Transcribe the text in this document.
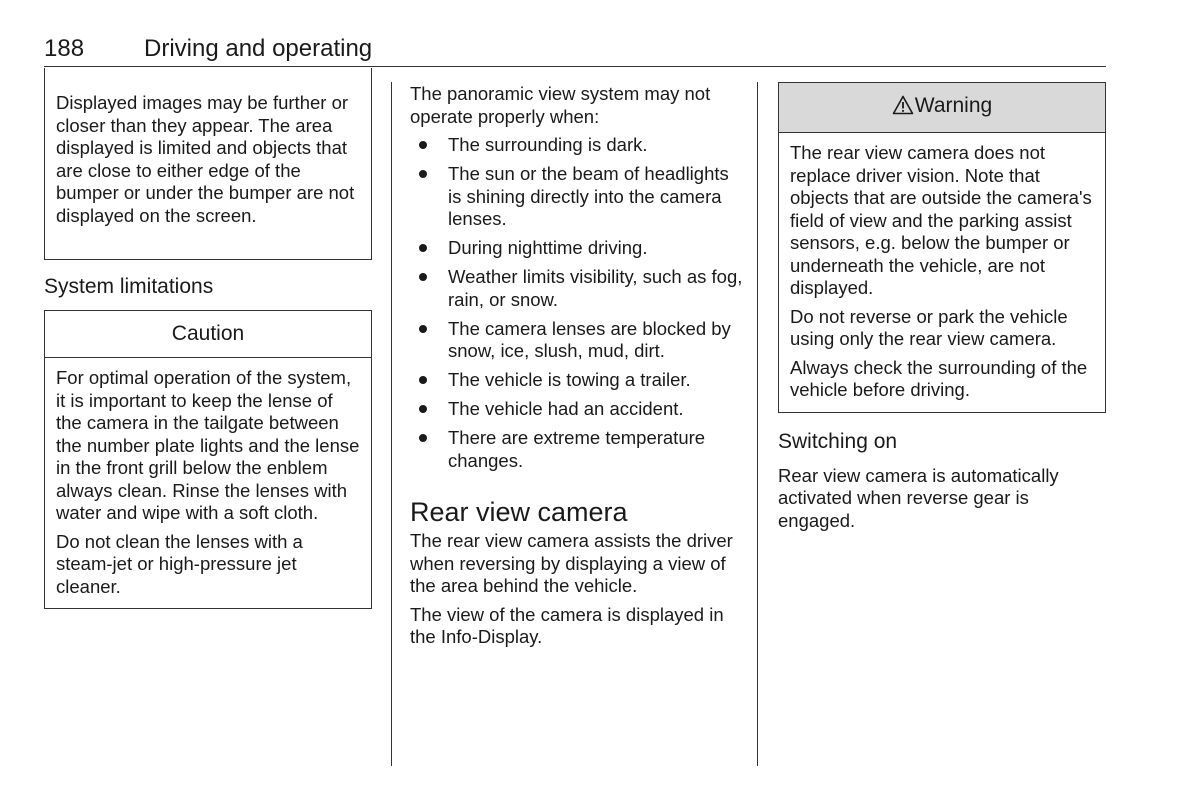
188 Driving and operating

Displayed images may be further or closer than they appear. The area displayed is limited and objects that are close to either edge of the bumper or under the bumper are not displayed on the screen.

System limitations
Caution

For optimal operation of the system, it is important to keep the lense of the camera in the tailgate between the number plate lights and the lense in the front grill below the enblem always clean. Rinse the lenses with water and wipe with a soft cloth.

Do not clean the lenses with a steam-jet or high-pressure jet cleaner.

The panoramic view system may not operate properly when:

The surrounding is dark.
The sun or the beam of headlights is shining directly into the camera lenses.
During nighttime driving.
Weather limits visibility, such as fog, rain, or snow.
The camera lenses are blocked by snow, ice, slush, mud, dirt.
The vehicle is towing a trailer.
The vehicle had an accident.
There are extreme temperature changes.
Rear view camera

The rear view camera assists the driver when reversing by displaying a view of the area behind the vehicle.

The view of the camera is displayed in the Info-Display.

Warning

The rear view camera does not replace driver vision. Note that objects that are outside the camera's field of view and the parking assist sensors, e.g. below the bumper or underneath the vehicle, are not displayed.

Do not reverse or park the vehicle using only the rear view camera.

Always check the surrounding of the vehicle before driving.

Switching on

Rear view camera is automatically activated when reverse gear is engaged.
